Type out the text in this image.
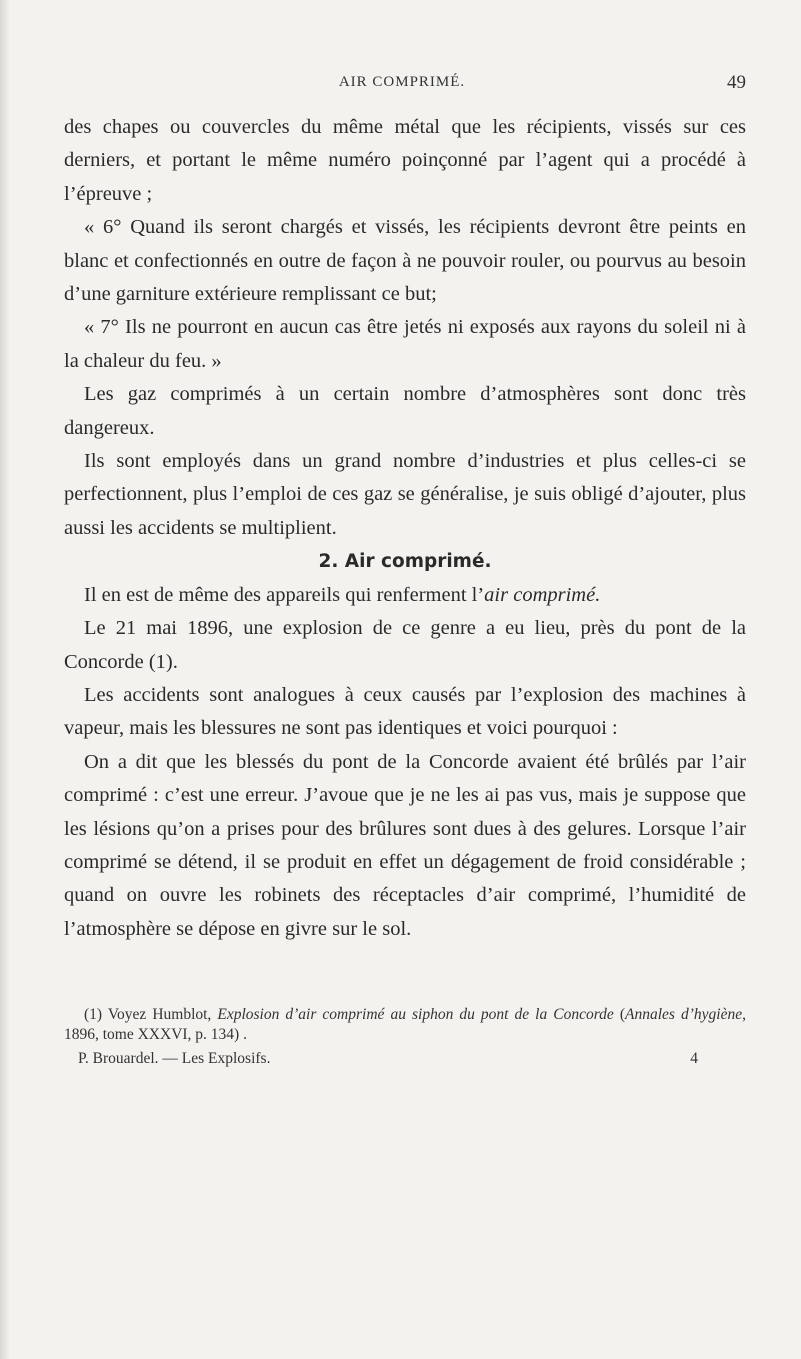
AIR COMPRIMÉ.	49

des chapes ou couvercles du même métal que les récipients, vissés sur ces derniers, et portant le même numéro poinçonné par l’agent qui a procédé à l’épreuve ;

« 6° Quand ils seront chargés et vissés, les récipients devront être peints en blanc et confectionnés en outre de façon à ne pouvoir rouler, ou pourvus au besoin d’une garniture extérieure remplissant ce but;

« 7° Ils ne pourront en aucun cas être jetés ni exposés aux rayons du soleil ni à la chaleur du feu. »

Les gaz comprimés à un certain nombre d’atmosphères sont donc très dangereux.

Ils sont employés dans un grand nombre d’industries et plus celles-ci se perfectionnent, plus l’emploi de ces gaz se généralise, je suis obligé d’ajouter, plus aussi les accidents se multiplient.

2. Air comprimé.

Il en est de même des appareils qui renferment l’air comprimé.

Le 21 mai 1896, une explosion de ce genre a eu lieu, près du pont de la Concorde (1).

Les accidents sont analogues à ceux causés par l’explosion des machines à vapeur, mais les blessures ne sont pas identiques et voici pourquoi :

On a dit que les blessés du pont de la Concorde avaient été brûlés par l’air comprimé : c’est une erreur. J’avoue que je ne les ai pas vus, mais je suppose que les lésions qu’on a prises pour des brûlures sont dues à des gelures. Lorsque l’air comprimé se détend, il se produit en effet un dégagement de froid considérable ; quand on ouvre les robinets des réceptacles d’air comprimé, l’humidité de l’atmosphère se dépose en givre sur le sol.

(1) Voyez Humblot, Explosion d’air comprimé au siphon du pont de la Concorde (Annales d’hygiène, 1896, tome XXXVI, p. 134) .

P. Brouardel. — Les Explosifs.	4
